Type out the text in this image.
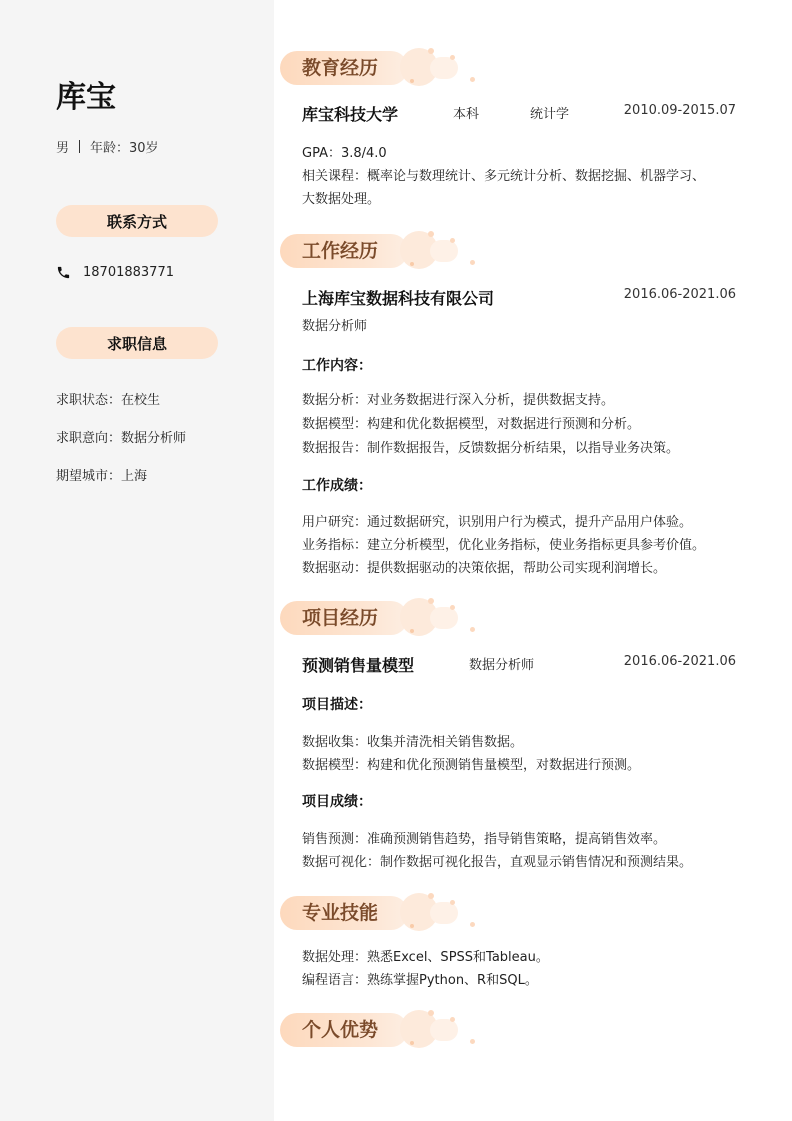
库宝
男 年龄：30岁
联系方式
18701883771
求职信息
求职状态：在校生
求职意向：数据分析师
期望城市：上海
教育经历
库宝科技大学	本科	统计学	2010.09-2015.07
GPA：3.8/4.0
相关课程：概率论与数理统计、多元统计分析、数据挖掘、机器学习、
大数据处理。
工作经历
上海库宝数据科技有限公司	2016.06-2021.06
数据分析师
工作内容：
数据分析：对业务数据进行深入分析，提供数据支持。
数据模型：构建和优化数据模型，对数据进行预测和分析。
数据报告：制作数据报告，反馈数据分析结果，以指导业务决策。
工作成绩：
用户研究：通过数据研究，识别用户行为模式，提升产品用户体验。
业务指标：建立分析模型，优化业务指标，使业务指标更具参考价值。
数据驱动：提供数据驱动的决策依据，帮助公司实现利润增长。
项目经历
预测销售量模型	数据分析师	2016.06-2021.06
项目描述：
数据收集：收集并清洗相关销售数据。
数据模型：构建和优化预测销售量模型，对数据进行预测。
项目成绩：
销售预测：准确预测销售趋势，指导销售策略，提高销售效率。
数据可视化：制作数据可视化报告，直观显示销售情况和预测结果。
专业技能
数据处理：熟悉Excel、SPSS和Tableau。
编程语言：熟练掌握Python、R和SQL。
个人优势
